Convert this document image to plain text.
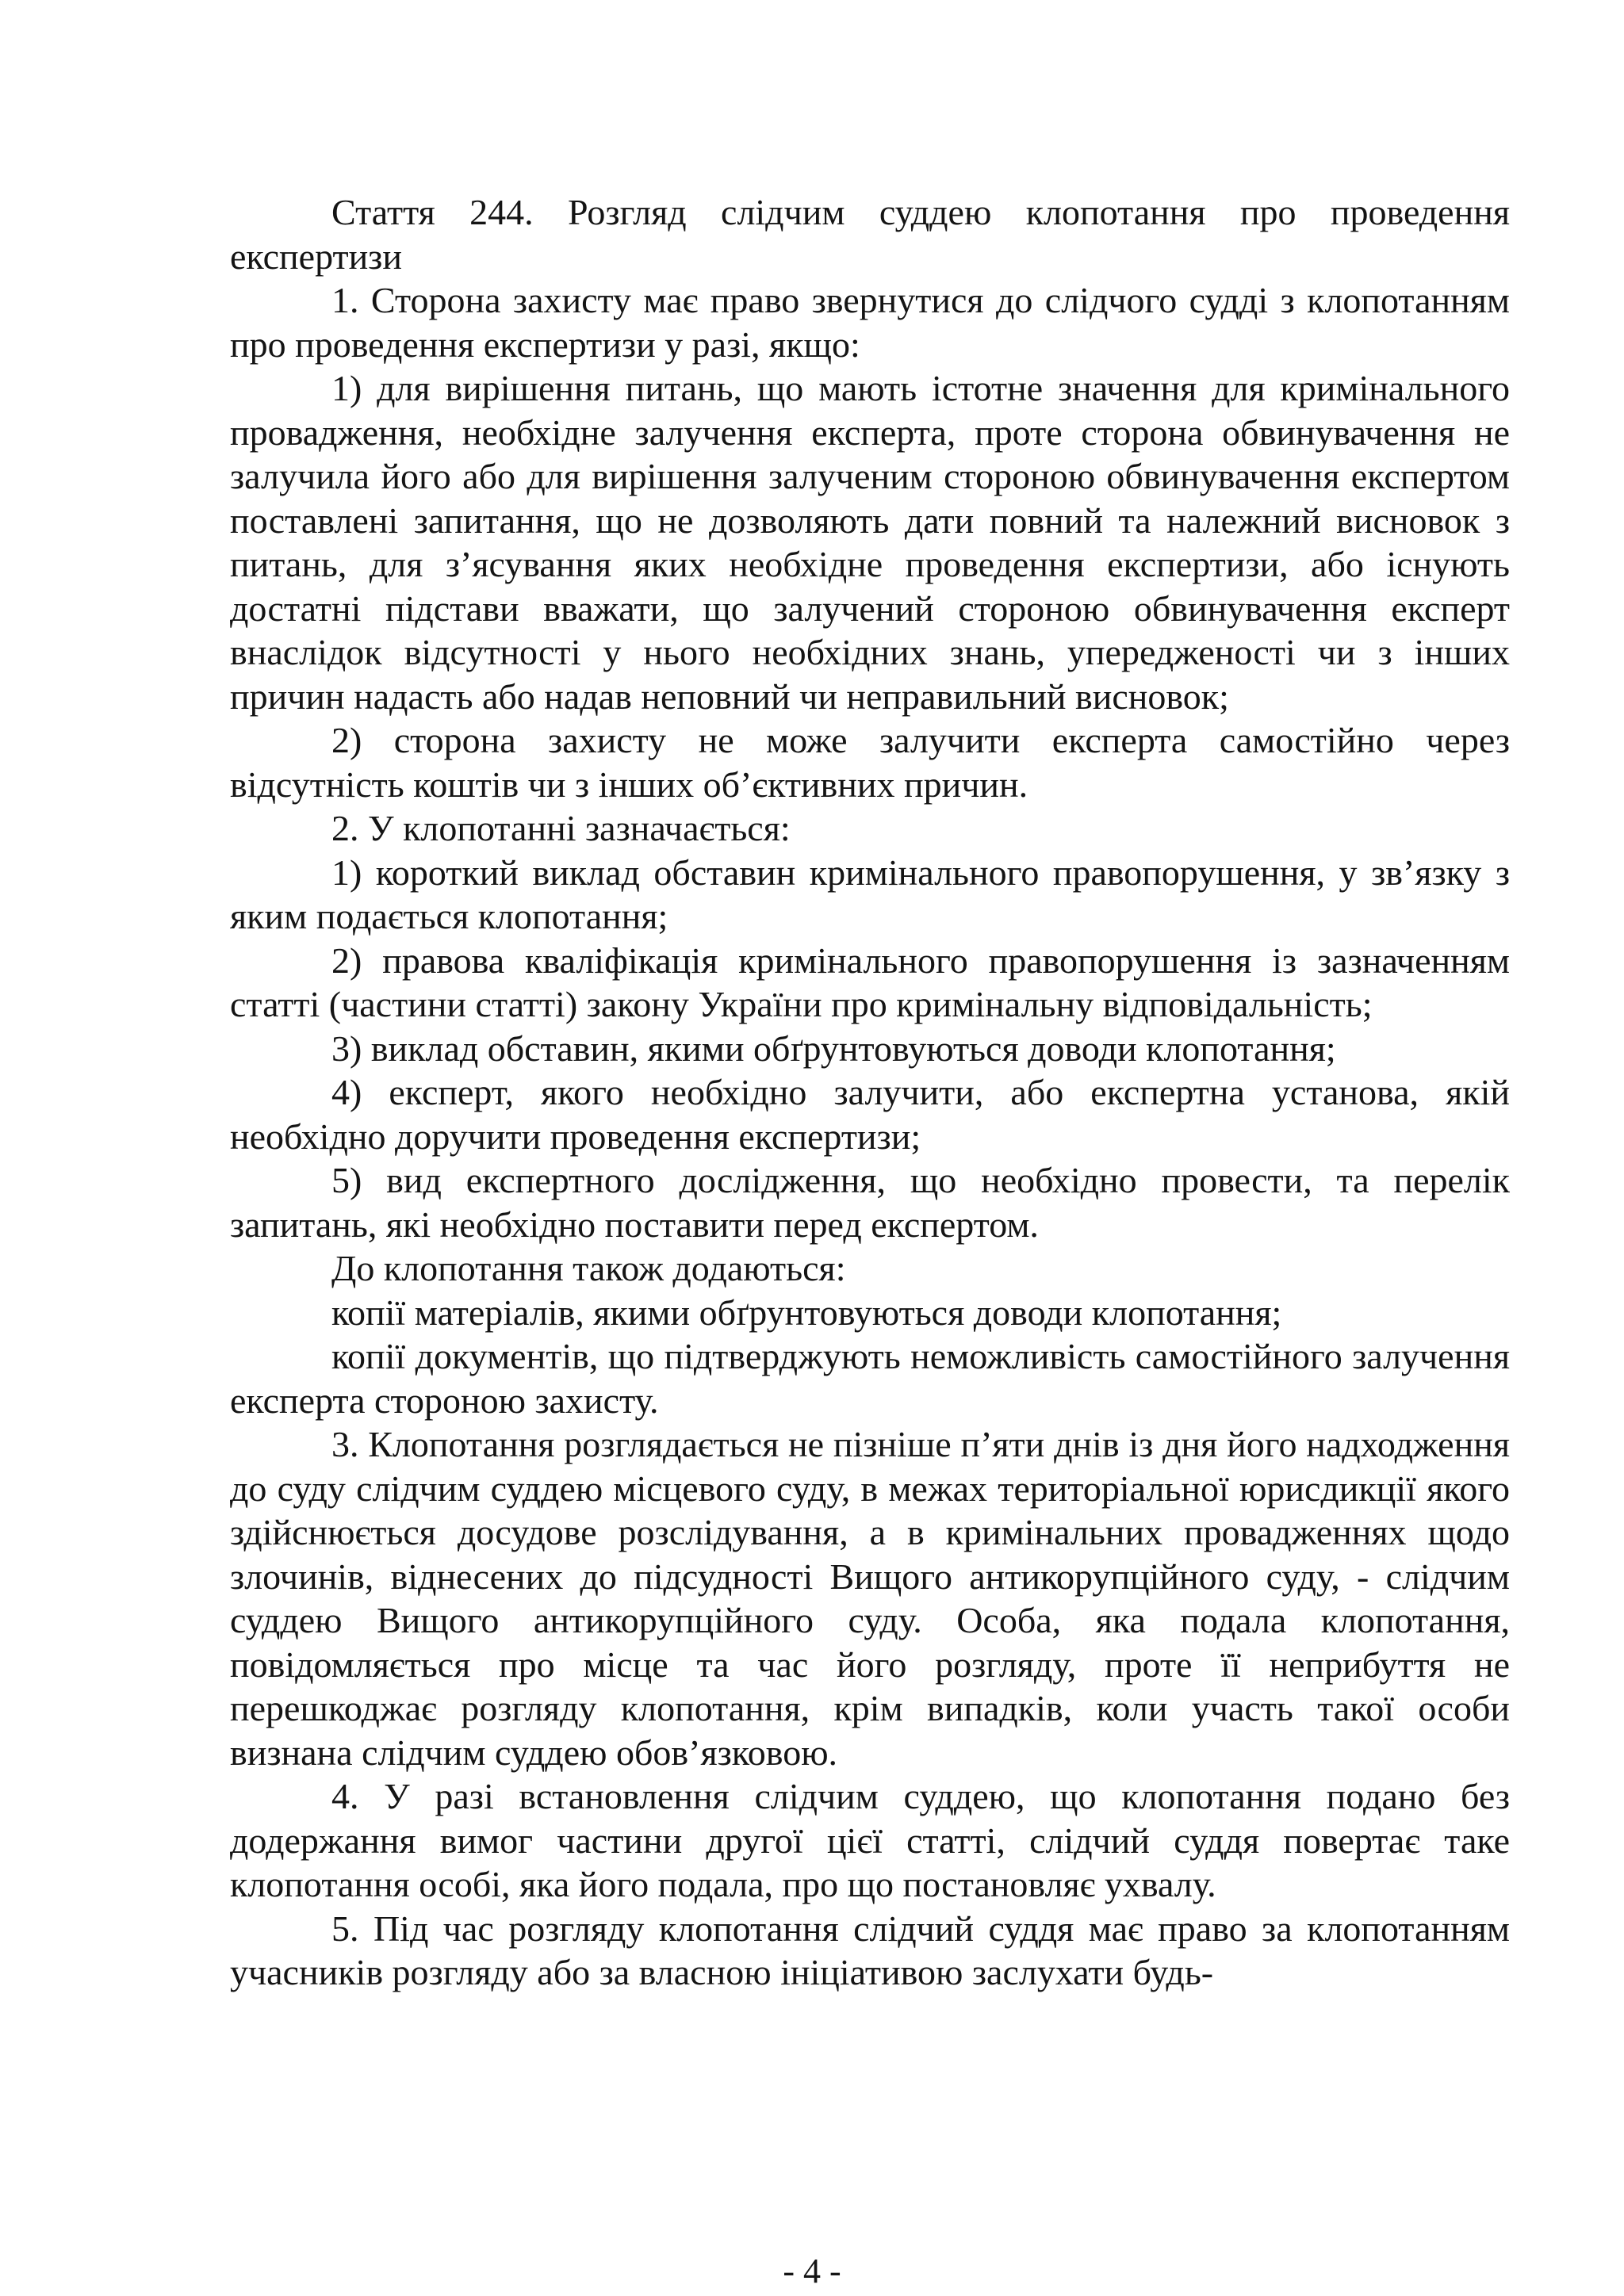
Стаття 244. Розгляд слідчим суддею клопотання про проведення експертизи

1. Сторона захисту має право звернутися до слідчого судді з клопотанням про проведення експертизи у разі, якщо:

1) для вирішення питань, що мають істотне значення для кримінального провадження, необхідне залучення експерта, проте сторона обвинувачення не залучила його або для вирішення залученим стороною обвинувачення експертом поставлені запитання, що не дозволяють дати повний та належний висновок з питань, для з’ясування яких необхідне проведення експертизи, або існують достатні підстави вважати, що залучений стороною обвинувачення експерт внаслідок відсутності у нього необхідних знань, упередженості чи з інших причин надасть або надав неповний чи неправильний висновок;

2) сторона захисту не може залучити експерта самостійно через відсутність коштів чи з інших об’єктивних причин.

2. У клопотанні зазначається:

1) короткий виклад обставин кримінального правопорушення, у зв’язку з яким подається клопотання;

2) правова кваліфікація кримінального правопорушення із зазначенням статті (частини статті) закону України про кримінальну відповідальність;

3) виклад обставин, якими обґрунтовуються доводи клопотання;

4) експерт, якого необхідно залучити, або експертна установа, якій необхідно доручити проведення експертизи;

5) вид експертного дослідження, що необхідно провести, та перелік запитань, які необхідно поставити перед експертом.

До клопотання також додаються:

копії матеріалів, якими обґрунтовуються доводи клопотання;

копії документів, що підтверджують неможливість самостійного залучення експерта стороною захисту.

3. Клопотання розглядається не пізніше п’яти днів із дня його надходження до суду слідчим суддею місцевого суду, в межах територіальної юрисдикції якого здійснюється досудове розслідування, а в кримінальних провадженнях щодо злочинів, віднесених до підсудності Вищого антикорупційного суду, - слідчим суддею Вищого антикорупційного суду. Особа, яка подала клопотання, повідомляється про місце та час його розгляду, проте її неприбуття не перешкоджає розгляду клопотання, крім випадків, коли участь такої особи визнана слідчим суддею обов’язковою.

4. У разі встановлення слідчим суддею, що клопотання подано без додержання вимог частини другої цієї статті, слідчий суддя повертає таке клопотання особі, яка його подала, про що постановляє ухвалу.

5. Під час розгляду клопотання слідчий суддя має право за клопотанням учасників розгляду або за власною ініціативою заслухати будь-

- 4 -
